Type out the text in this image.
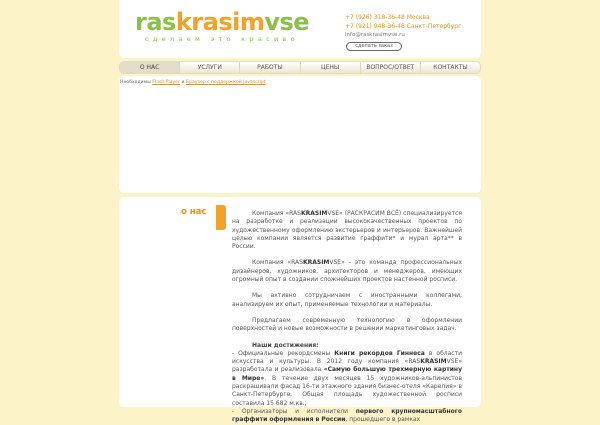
raskrasimvse
сделаем это красиво
+7 (926) 318-36-48 Москва
+7 (921) 948-36-48 Санкт-Петербург
info@raskrasimvse.ru
сделать заказ
О НАС	УСЛУГИ	РАБОТЫ	ЦЕНЫ	ВОПРОС/ОТВЕТ	КОНТАКТЫ
Необходимы Flash Player и Браузер с поддержкой javascript
о нас	Компания «RASKRASIMVSE» (РАСКРАСИМ ВСЁ) специализируется на разработке и реализации высококачественных проектов по художественному оформлению экстерьеров и интерьеров. Важнейшей целью компании является развитие граффити* и мурал арта** в России.

Компания «RASKRASIMVSE» - это команда профессиональных дизайнеров, художников, архитекторов и менеджеров, имеющих огромный опыт в создании сложнейших проектов настенной росписи.

Мы активно сотрудничаем с иностранными коллегами, анализируем их опыт, применяемые технологии и материалы.

Предлагаем современную технологию в оформлении поверхностей и новые возможности в решении маркетинговых задач.

Наши достижения:

- Официальные рекордсмены Книги рекордов Гиннеса в области искусства и культуры. В 2012 году компания «RASKRASIMVSE» разработала и реализовала «Самую большую трехмерную картину в Мире». В течение двух месяцев 15 художников-альпинистов раскрашивали фасад 16-ти этажного здания бизнес-отеля «Карелия» в Санкт-Петербурге. Общая площадь художественной росписи составила 15 682 м.кв.;

- Организаторы и исполнители первого крупномасштабного граффити оформления в России, прошедшего в рамках
